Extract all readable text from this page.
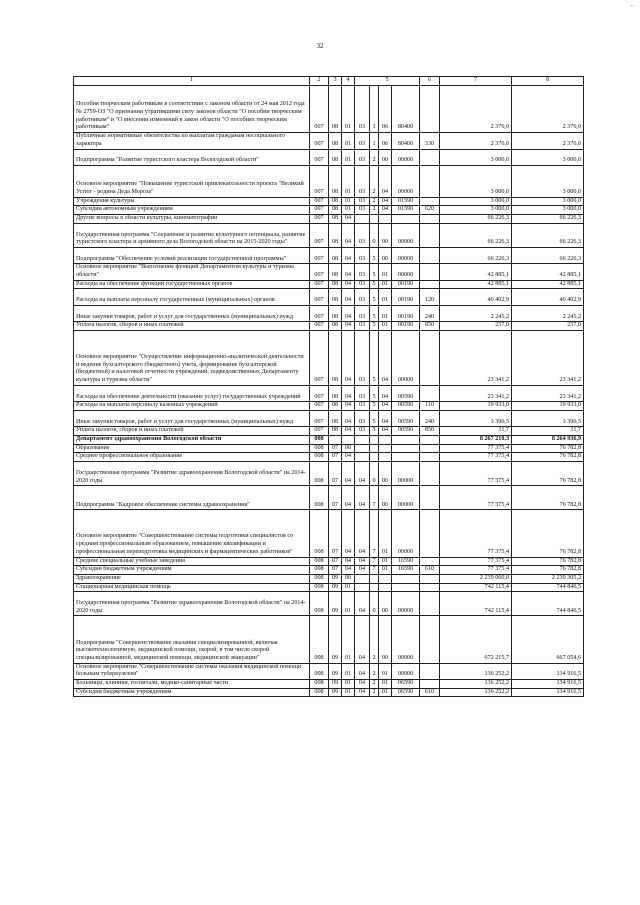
32
..
1	2	3	4	5				6	7	8
Пособия творческим работникам в соответствии с законом области от 24 мая 2012 года № 2759-ОЗ "О признании утратившими силу законов области "О пособии творческим работникам" и "О внесении изменений в закон области "О пособиях творческим работникам"	007	08	01	03	1	06	80400		2 376,0	2 376,0
Публичные нормативные обязательства по выплатам гражданам несоциального характера	007	08	01	03	1	06	80400	330	2 376,0	2 376,0
Подпрограмма "Развитие туристского кластера Вологодской области"	007	08	01	03	2	00	00000		3 000,0	3 000,0
Основное мероприятие "Повышение туристской привлекательности проекта "Великий Устюг - родина Деда Мороза"	007	08	01	03	2	04	00000		3 000,0	3 000,0
Учреждения культуры	007	08	01	03	2	04	01590		3 000,0	3 000,0
Субсидии автономным учреждениям	007	08	01	03	2	04	01590	620	3 000,0	3 000,0
Другие вопросы в области культуры, кинематографии	007	08	04						66 226,3	66 226,3
Государственная программа "Сохранение и развитие культурного потенциала, развитие туристского кластера и архивного дела Вологодской области на 2015-2020 годы"	007	08	04	03	0	00	00000		66 226,3	66 226,3
Подпрограмма "Обеспечение условий реализации государственной программы"	007	08	04	03	5	00	00000		66 226,3	66 226,3
Основное мероприятие "Выполнение функций Департаментом культуры и туризма области"	007	08	04	03	5	01	00000		42 885,1	42 885,1
Расходы на обеспечение функций государственных органов	007	08	04	03	5	01	00190		42 885,1	42 885,1
Расходы на выплаты персоналу государственных (муниципальных) органов	007	08	04	03	5	01	00190	120	40 402,9	40 402,9
Иные закупки товаров, работ и услуг для государственных (муниципальных) нужд	007	08	04	03	5	01	00190	240	2 245,2	2 245,2
Уплата налогов, сборов и иных платежей	007	08	04	03	5	01	00190	850	237,0	237,0
Основное мероприятие "Осуществление информационно-аналитической деятельности и ведение бухгалтерского (бюджетного) учета, формирование бухгалтерской (бюджетной) и налоговой отчетности учреждений, подведомственных Департаменту культуры и туризма области"	007	08	04	03	5	04	00000		23 341,2	23 341,2
Расходы на обеспечение деятельности (оказание услуг) государственных учреждений	007	08	04	03	5	04	00590		23 341,2	23 341,2
Расходы на выплаты персоналу казенных учреждений	007	08	04	03	5	04	00590	110	19 933,0	19 933,0
Иные закупки товаров, работ и услуг для государственных (муниципальных) нужд	007	08	04	03	5	04	00590	240	3 396,5	3 396,5
Уплата налогов, сборов и иных платежей	007	08	04	03	5	04	00590	850	11,7	11,7
Департамент здравоохранения Вологодской области	008								8 267 210,3	8 264 936,9
Образование	008	07	00						77 375,4	76 782,8
Среднее профессиональное образование	008	07	04						77 375,4	76 782,8
Государственная программа "Развитие здравоохранения Вологодской области" на 2014-2020 годы	008	07	04	04	0	00	00000		77 375,4	76 782,8
Подпрограмма "Кадровое обеспечение системы здравоохранения"	008	07	04	04	7	00	00000		77 375,4	76 782,8
Основное мероприятие "Совершенствование системы подготовки специалистов со средним профессиональным образованием, повышение квалификации и профессиональная переподготовка медицинских и фармацевтических работников"	008	07	04	04	7	01	00000		77 375,4	76 782,8
Средние специальные учебные заведения	008	07	04	04	7	01	16590		77 375,4	76 782,8
Субсидии бюджетным учреждениям	008	07	04	04	7	01	16590	610	77 375,4	76 782,8
Здравоохранение	008	09	00						2 239 060,0	2 239 305,2
Стационарная медицинская помощь	008	09	01						742 115,4	744 846,5
Государственная программа "Развитие здравоохранения Вологодской области" на 2014-2020 годы	008	09	01	04	0	00	00000		742 115,4	744 846,5
Подпрограмма "Совершенствование оказания специализированной, включая высокотехнологичную, медицинской помощи, скорой, в том числе скорой специализированной, медицинской помощи, медицинской эвакуации"	008	09	01	04	2	00	00000		672 215,7	667 054,6
Основное мероприятие "Совершенствование системы оказания медицинской помощи больным туберкулезом"	008	09	01	04	2	01	00000		136 252,2	134 916,5
Больницы, клиники, госпитали, медико-санитарные части	008	09	01	04	2	01	06590		136 252,2	134 916,5
Субсидии бюджетным учреждениям	008	09	01	04	2	01	06590	610	136 252,2	134 916,5
